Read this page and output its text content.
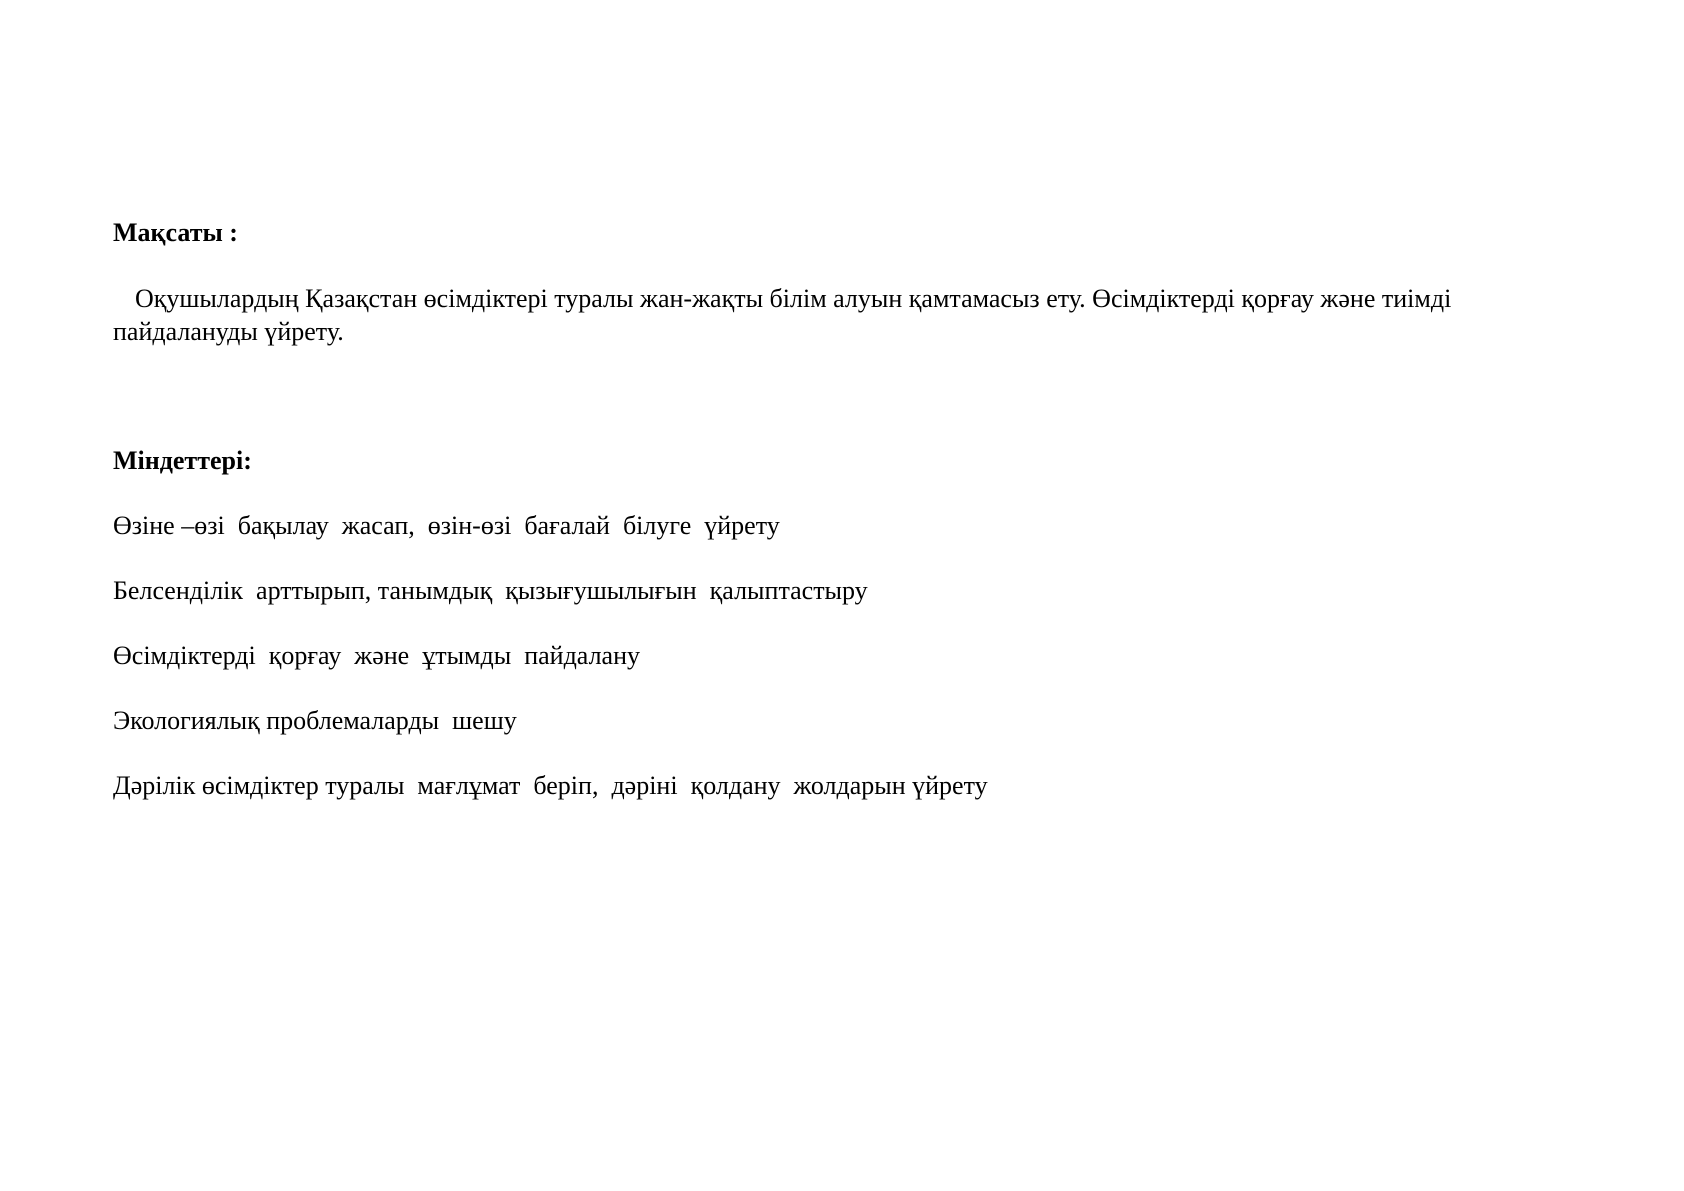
Мақсаты :
Оқушылардың Қазақстан өсімдіктері туралы жан-жақты білім алуын қамтамасыз ету. Өсімдіктерді қорғау және тиімді пайдалануды үйрету.
Міндеттері:
Өзіне –өзі  бақылау  жасап,  өзін-өзі  бағалай  білуге  үйрету
Белсенділік  арттырып, танымдық  қызығушылығын  қалыптастыру
Өсімдіктерді  қорғау  және  ұтымды  пайдалану
Экологиялық проблемаларды  шешу
Дәрілік өсімдіктер туралы  мағлұмат  беріп,  дәріні  қолдану  жолдарын үйрету
